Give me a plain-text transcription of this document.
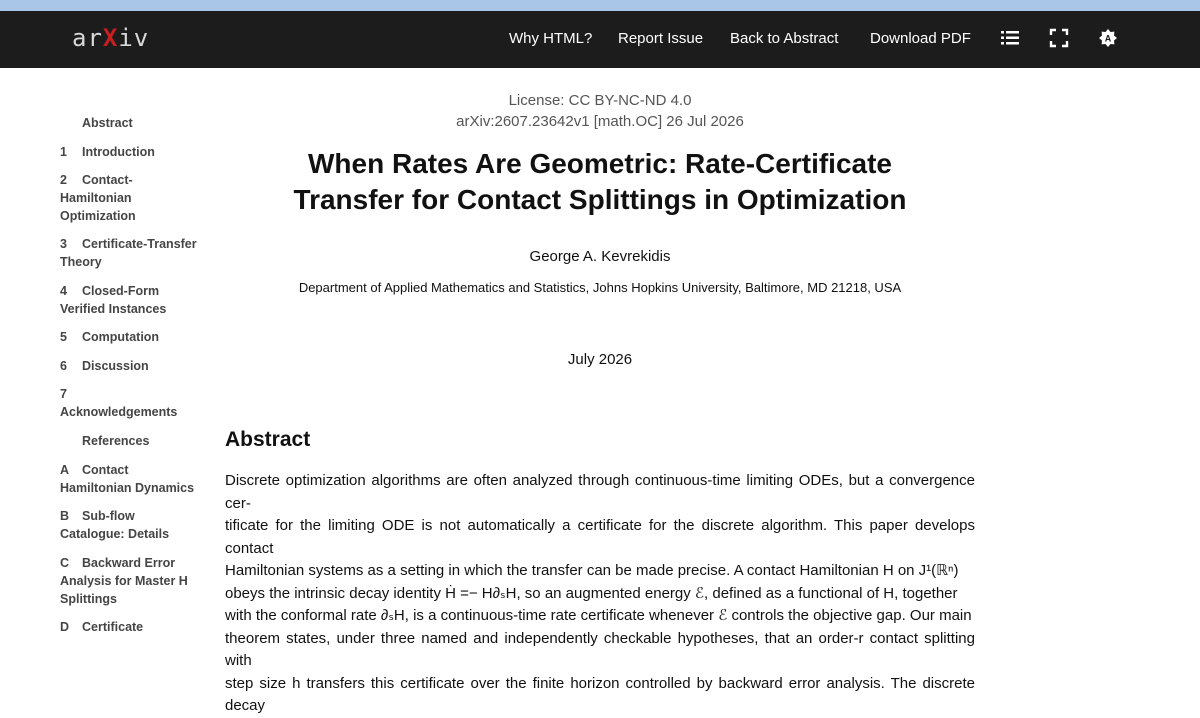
arXiv	Why HTML? Report Issue Back to Abstract Download PDF	A
Abstract
1 Introduction
2 Contact-Hamiltonian Optimization
3 Certificate-Transfer Theory
4 Closed-Form Verified Instances
5 Computation
6 Discussion
7
Acknowledgements
References
A Contact Hamiltonian Dynamics
B Sub-flow Catalogue: Details
C Backward Error Analysis for Master H Splittings
D Certificate
License: CC BY-NC-ND 4.0
arXiv:2607.23642v1 [math.OC] 26 Jul 2026
When Rates Are Geometric: Rate-Certificate
Transfer for Contact Splittings in Optimization
George A. Kevrekidis
Department of Applied Mathematics and Statistics, Johns Hopkins University, Baltimore, MD 21218, USA
July 2026
Abstract
Discrete optimization algorithms are often analyzed through continuous-time limiting ODEs, but a convergence cer-
tificate for the limiting ODE is not automatically a certificate for the discrete algorithm. This paper develops contact
Hamiltonian systems as a setting in which the transfer can be made precise. A contact Hamiltonian H on J¹(ℝⁿ)
obeys the intrinsic decay identity Ḣ =− H∂ₛH, so an augmented energy ℰ, defined as a functional of H, together
with the conformal rate ∂ₛH, is a continuous-time rate certificate whenever ℰ controls the objective gap. Our main
theorem states, under three named and independently checkable hypotheses, that an order-r contact splitting with
step size h transfers this certificate over the finite horizon controlled by backward error analysis. The discrete decay
